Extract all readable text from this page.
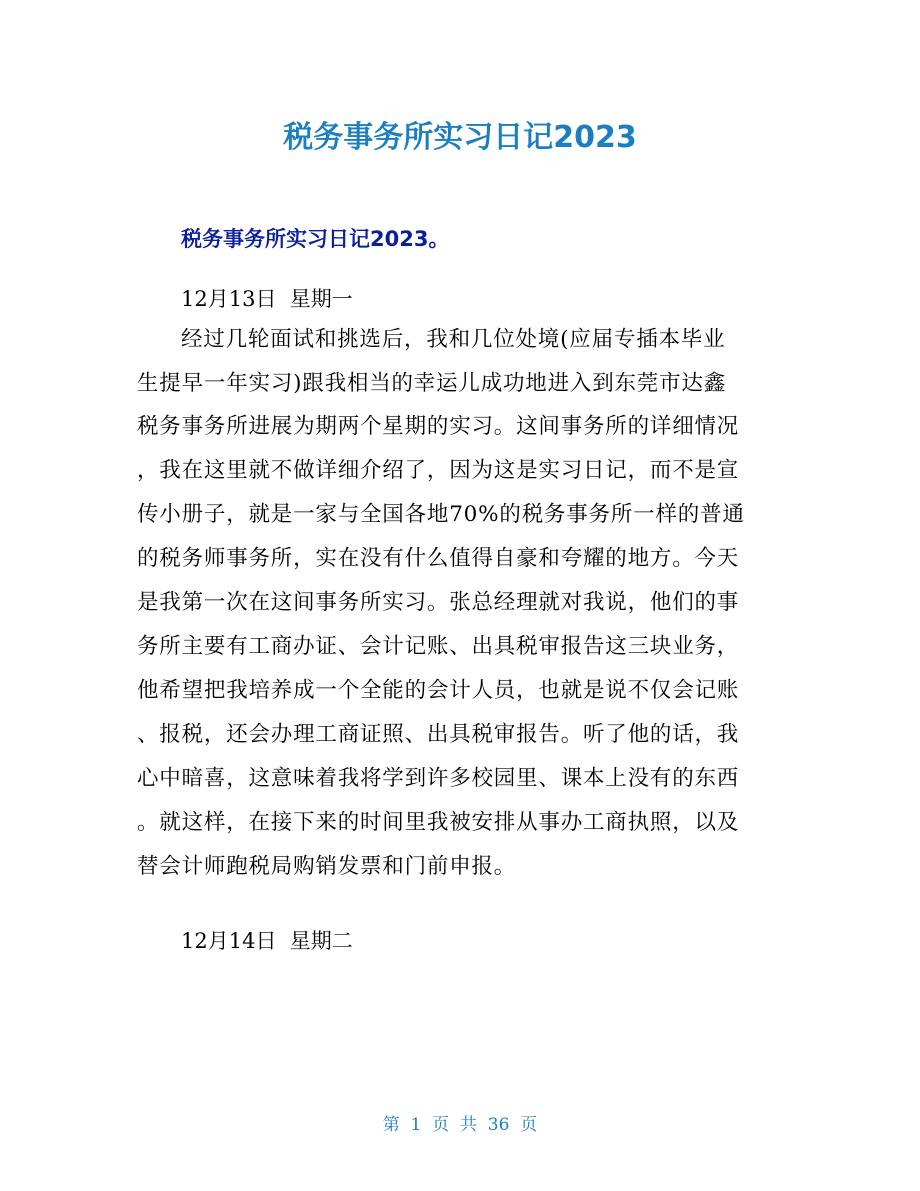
税务事务所实习日记2023
税务事务所实习日记2023。
12月13日  星期一
经过几轮面试和挑选后，我和几位处境(应届专插本毕业
生提早一年实习)跟我相当的幸运儿成功地进入到东莞市达鑫
税务事务所进展为期两个星期的实习。这间事务所的详细情况
，我在这里就不做详细介绍了，因为这是实习日记，而不是宣
传小册子，就是一家与全国各地70%的税务事务所一样的普通
的税务师事务所，实在没有什么值得自豪和夸耀的地方。今天
是我第一次在这间事务所实习。张总经理就对我说，他们的事
务所主要有工商办证、会计记账、出具税审报告这三块业务，
他希望把我培养成一个全能的会计人员，也就是说不仅会记账
、报税，还会办理工商证照、出具税审报告。听了他的话，我
心中暗喜，这意味着我将学到许多校园里、课本上没有的东西
。就这样，在接下来的时间里我被安排从事办工商执照，以及
替会计师跑税局购销发票和门前申报。
12月14日  星期二
第  1  页  共  36  页
